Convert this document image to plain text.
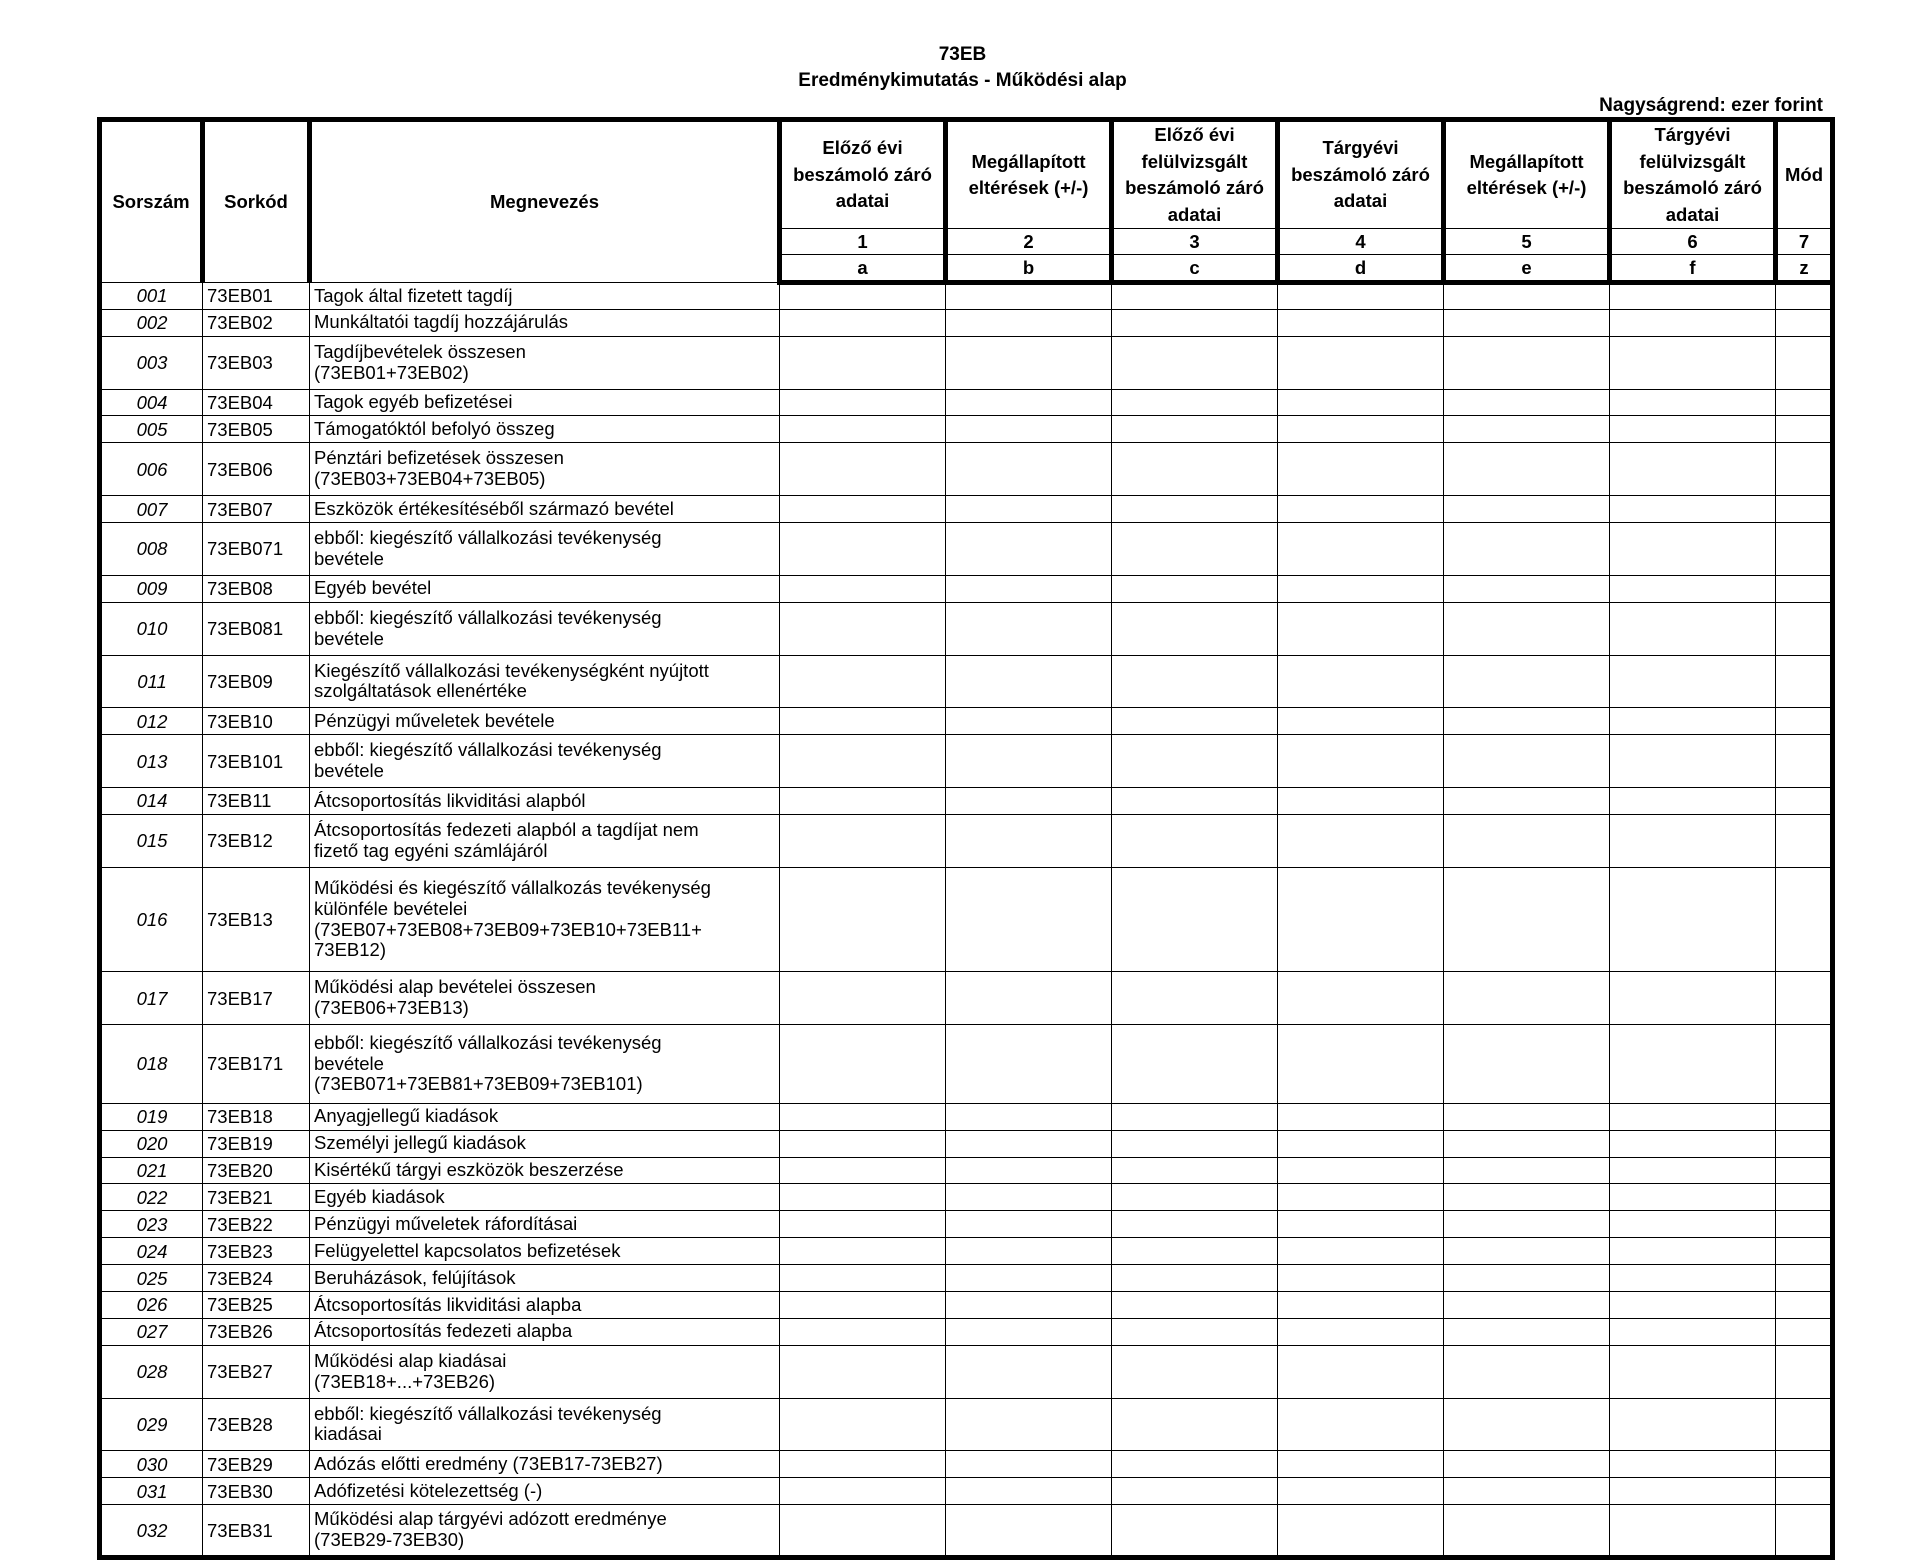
73EB
Eredménykimutatás - Működési alap
Nagyságrend: ezer forint
Sorszám	Sorkód	Megnevezés	Előző évi beszámoló záró adatai	Megállapított eltérések (+/-)	Előző évi felülvizsgált beszámoló záró adatai	Tárgyévi beszámoló záró adatai	Megállapított eltérések (+/-)	Tárgyévi felülvizsgált beszámoló záró adatai	Mód
			1	2	3	4	5	6	7
			a	b	c	d	e	f	z
001	73EB01	Tagok által fizetett tagdíj							
002	73EB02	Munkáltatói tagdíj hozzájárulás							
003	73EB03	Tagdíjbevételek összesen
(73EB01+73EB02)							
004	73EB04	Tagok egyéb befizetései							
005	73EB05	Támogatóktól befolyó összeg							
006	73EB06	Pénztári befizetések összesen
(73EB03+73EB04+73EB05)							
007	73EB07	Eszközök értékesítéséből származó bevétel							
008	73EB071	ebből: kiegészítő vállalkozási tevékenység
bevétele							
009	73EB08	Egyéb bevétel							
010	73EB081	ebből: kiegészítő vállalkozási tevékenység
bevétele							
011	73EB09	Kiegészítő vállalkozási tevékenységként nyújtott
szolgáltatások ellenértéke							
012	73EB10	Pénzügyi műveletek bevétele							
013	73EB101	ebből: kiegészítő vállalkozási tevékenység
bevétele							
014	73EB11	Átcsoportosítás likviditási alapból							
015	73EB12	Átcsoportosítás fedezeti alapból a tagdíjat nem
fizető tag egyéni számlájáról							
016	73EB13	Működési és kiegészítő vállalkozás tevékenység
különféle bevételei
(73EB07+73EB08+73EB09+73EB10+73EB11+
73EB12)							
017	73EB17	Működési alap bevételei összesen
(73EB06+73EB13)							
018	73EB171	ebből: kiegészítő vállalkozási tevékenység
bevétele
(73EB071+73EB81+73EB09+73EB101)							
019	73EB18	Anyagjellegű kiadások							
020	73EB19	Személyi jellegű kiadások							
021	73EB20	Kisértékű tárgyi eszközök beszerzése							
022	73EB21	Egyéb kiadások							
023	73EB22	Pénzügyi műveletek ráfordításai							
024	73EB23	Felügyelettel kapcsolatos befizetések							
025	73EB24	Beruházások, felújítások							
026	73EB25	Átcsoportosítás likviditási alapba							
027	73EB26	Átcsoportosítás fedezeti alapba							
028	73EB27	Működési alap kiadásai
(73EB18+...+73EB26)							
029	73EB28	ebből: kiegészítő vállalkozási tevékenység
kiadásai							
030	73EB29	Adózás előtti eredmény (73EB17-73EB27)							
031	73EB30	Adófizetési kötelezettség (-)							
032	73EB31	Működési alap tárgyévi adózott eredménye
(73EB29-73EB30)							
